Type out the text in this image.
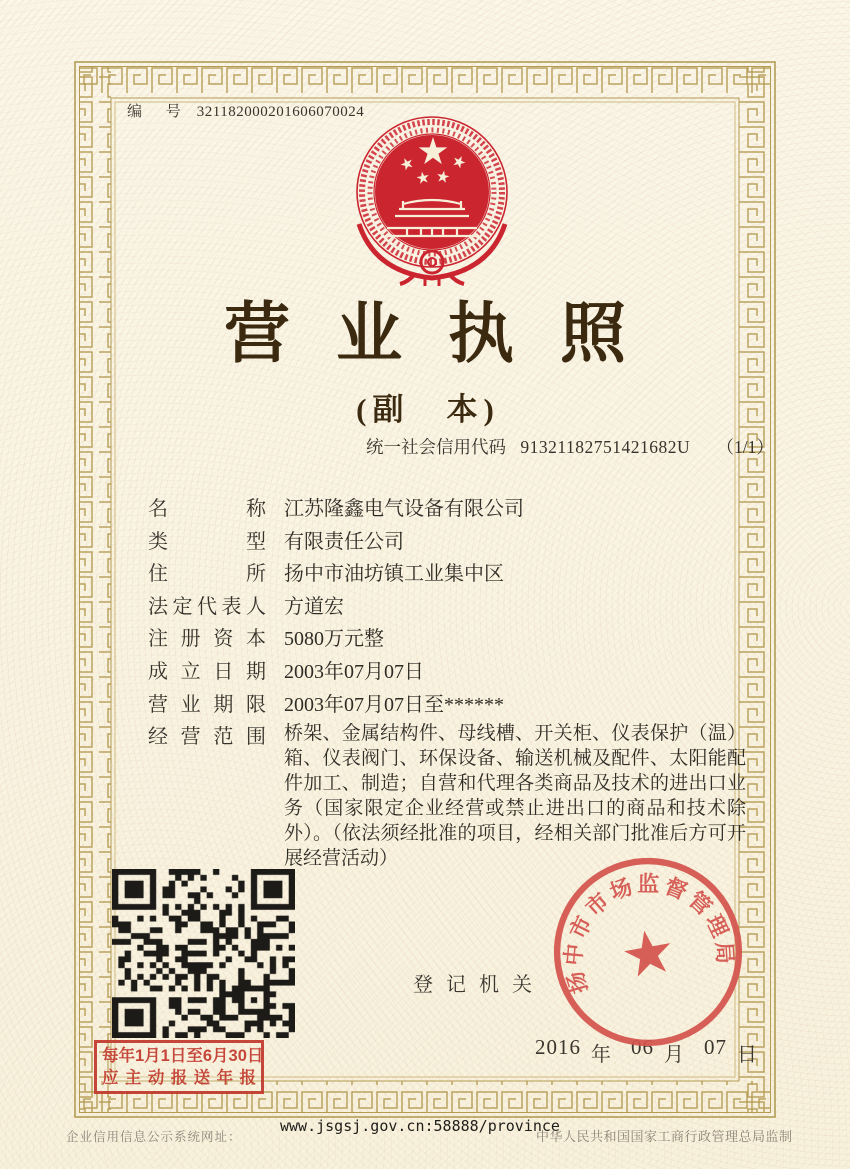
编 号 321182000201606070024
营业执照
(副　本)
统一社会信用代码 91321182751421682U （1/1）
名称 江苏隆鑫电气设备有限公司
类型 有限责任公司
住所 扬中市油坊镇工业集中区
法定代表人 方道宏
注册资本 5080万元整
成立日期 2003年07月07日
营业期限 2003年07月07日至******
经营范围 桥架、金属结构件、母线槽、开关柜、仪表保护（温）箱、仪表阀门、环保设备、输送机械及配件、太阳能配件加工、制造；自营和代理各类商品及技术的进出口业务（国家限定企业经营或禁止进出口的商品和技术除外）。（依法须经批准的项目，经相关部门批准后方可开展经营活动）
登记机关 扬中市市场监督管理局
2016 年 06 月 07 日
每年1月1日至6月30日
应主动报送年报
企业信用信息公示系统网址：
www.jsgsj.gov.cn:58888/province
中华人民共和国国家工商行政管理总局监制
